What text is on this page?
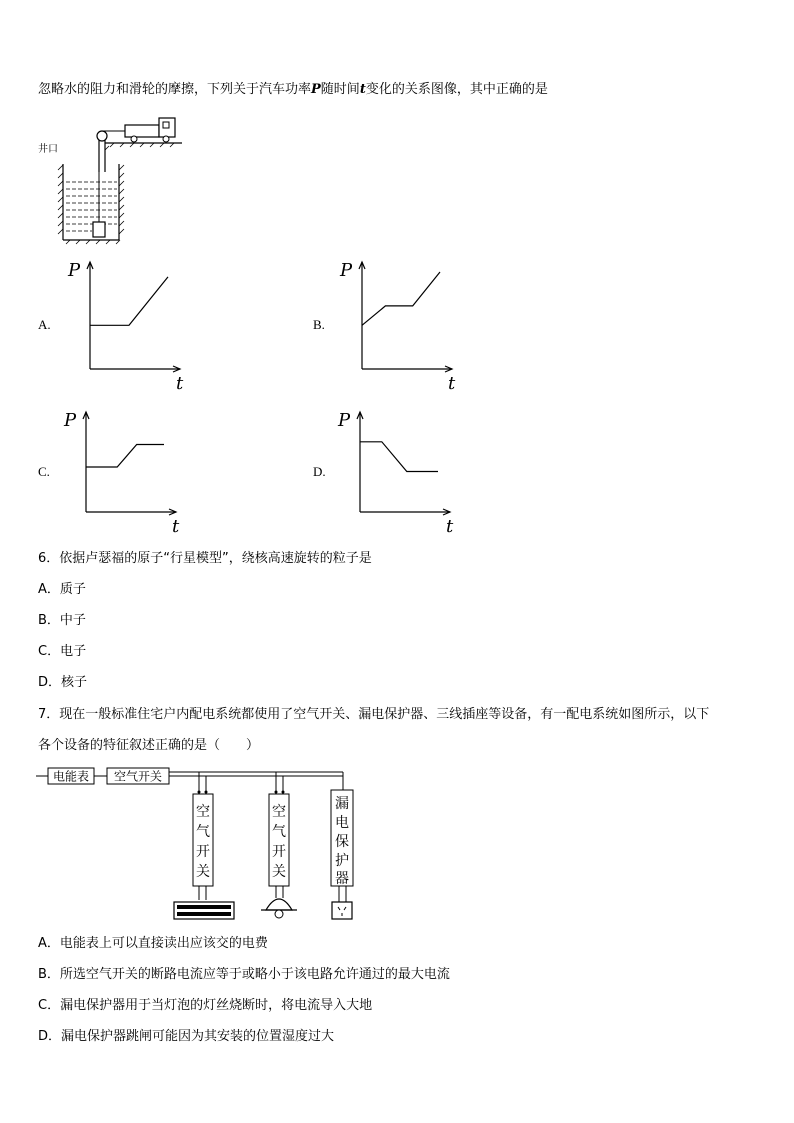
忽略水的阻力和滑轮的摩擦，下列关于汽车功率P随时间t变化的关系图像，其中正确的是
井口
A.	B.
C.	D.
P
t
P
t
P
t
P
t
6．依据卢瑟福的原子“行星模型”，绕核高速旋转的粒子是
A．质子
B．中子
C．电子
D．核子
7．现在一般标准住宅户内配电系统都使用了空气开关、漏电保护器、三线插座等设备，有一配电系统如图所示，以下
各个设备的特征叙述正确的是（　　）
电能表 空气开关
空
气
开
关
空
气
开
关
漏
电
保
护
器
A．电能表上可以直接读出应该交的电费
B．所选空气开关的断路电流应等于或略小于该电路允许通过的最大电流
C．漏电保护器用于当灯泡的灯丝烧断时，将电流导入大地
D．漏电保护器跳闸可能因为其安装的位置湿度过大
